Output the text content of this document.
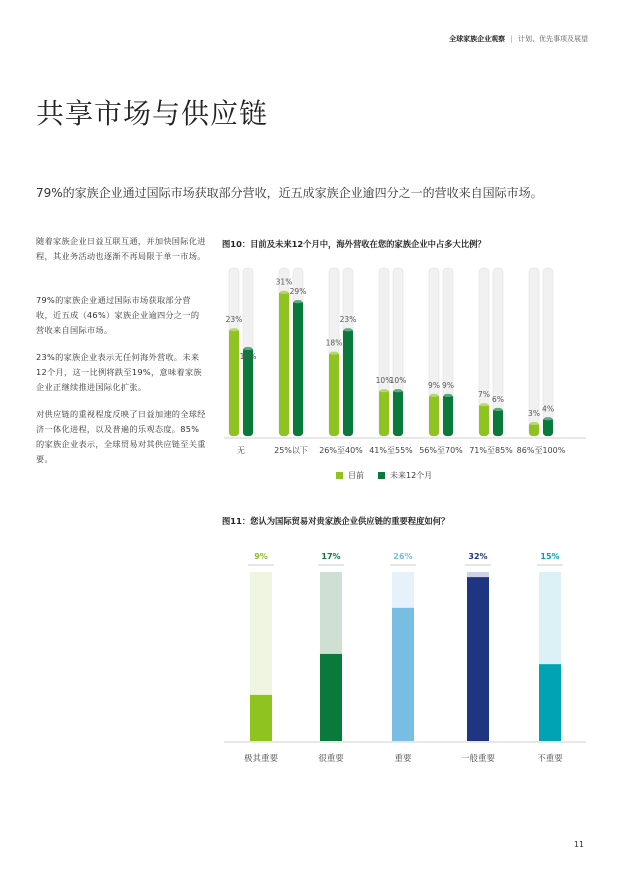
全球家族企业观察 | 计划、优先事项及展望
共享市场与供应链
79%的家族企业通过国际市场获取部分营收，近五成家族企业逾四分之一的营收来自国际市场。
随着家族企业日益互联互通，并加快国际化进程，其业务活动也逐渐不再局限于单一市场。
79%的家族企业通过国际市场获取部分营收，近五成（46%）家族企业逾四分之一的营收来自国际市场。
23%的家族企业表示无任何海外营收。未来12个月，这一比例将跌至19%，意味着家族企业正继续推进国际化扩张。
对供应链的重视程度反映了日益加速的全球经济一体化进程，以及普遍的乐观态度。85%的家族企业表示，全球贸易对其供应链至关重要。
图10：目前及未来12个月中，海外营收在您的家族企业中占多大比例？
图11：您认为国际贸易对贵家族企业供应链的重要程度如何？
23%
19%
无
31%
29%
25%以下
18%
23%
26%至40%
10%
10%
41%至55%
9% 9%
56%至70%
7%
6%
71%至85%
3%
4%
86%至100%
目前	未来12个月
9%
极其重要
17%
很重要
26%
重要
32%
一般重要
15%
不重要
11
